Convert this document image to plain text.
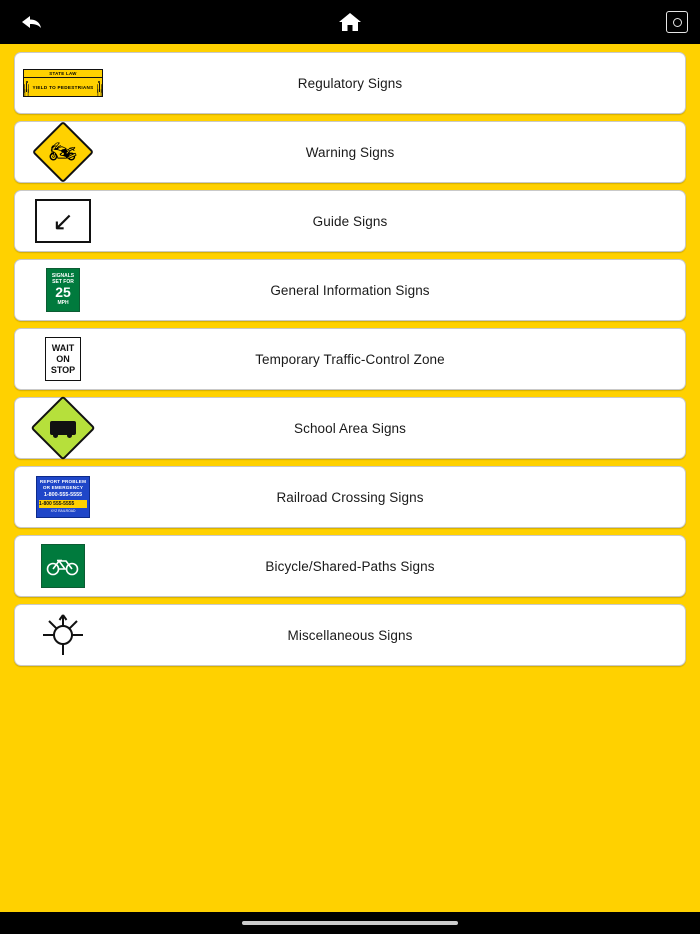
STATE LAW
YIELD TO PEDESTRIANS	Regulatory Signs
🏍	Warning Signs
↙	Guide Signs
SIGNALS
SET FOR
25
MPH
General Information Signs
WAIT
ON
STOP
Temporary Traffic-Control Zone
School Area Signs
REPORT PROBLEM
OR EMERGENCY
1-800-555-5555
1-800 555-5555
XYZ RAILROAD
Railroad Crossing Signs
Bicycle/Shared-Paths Signs
Miscellaneous Signs
